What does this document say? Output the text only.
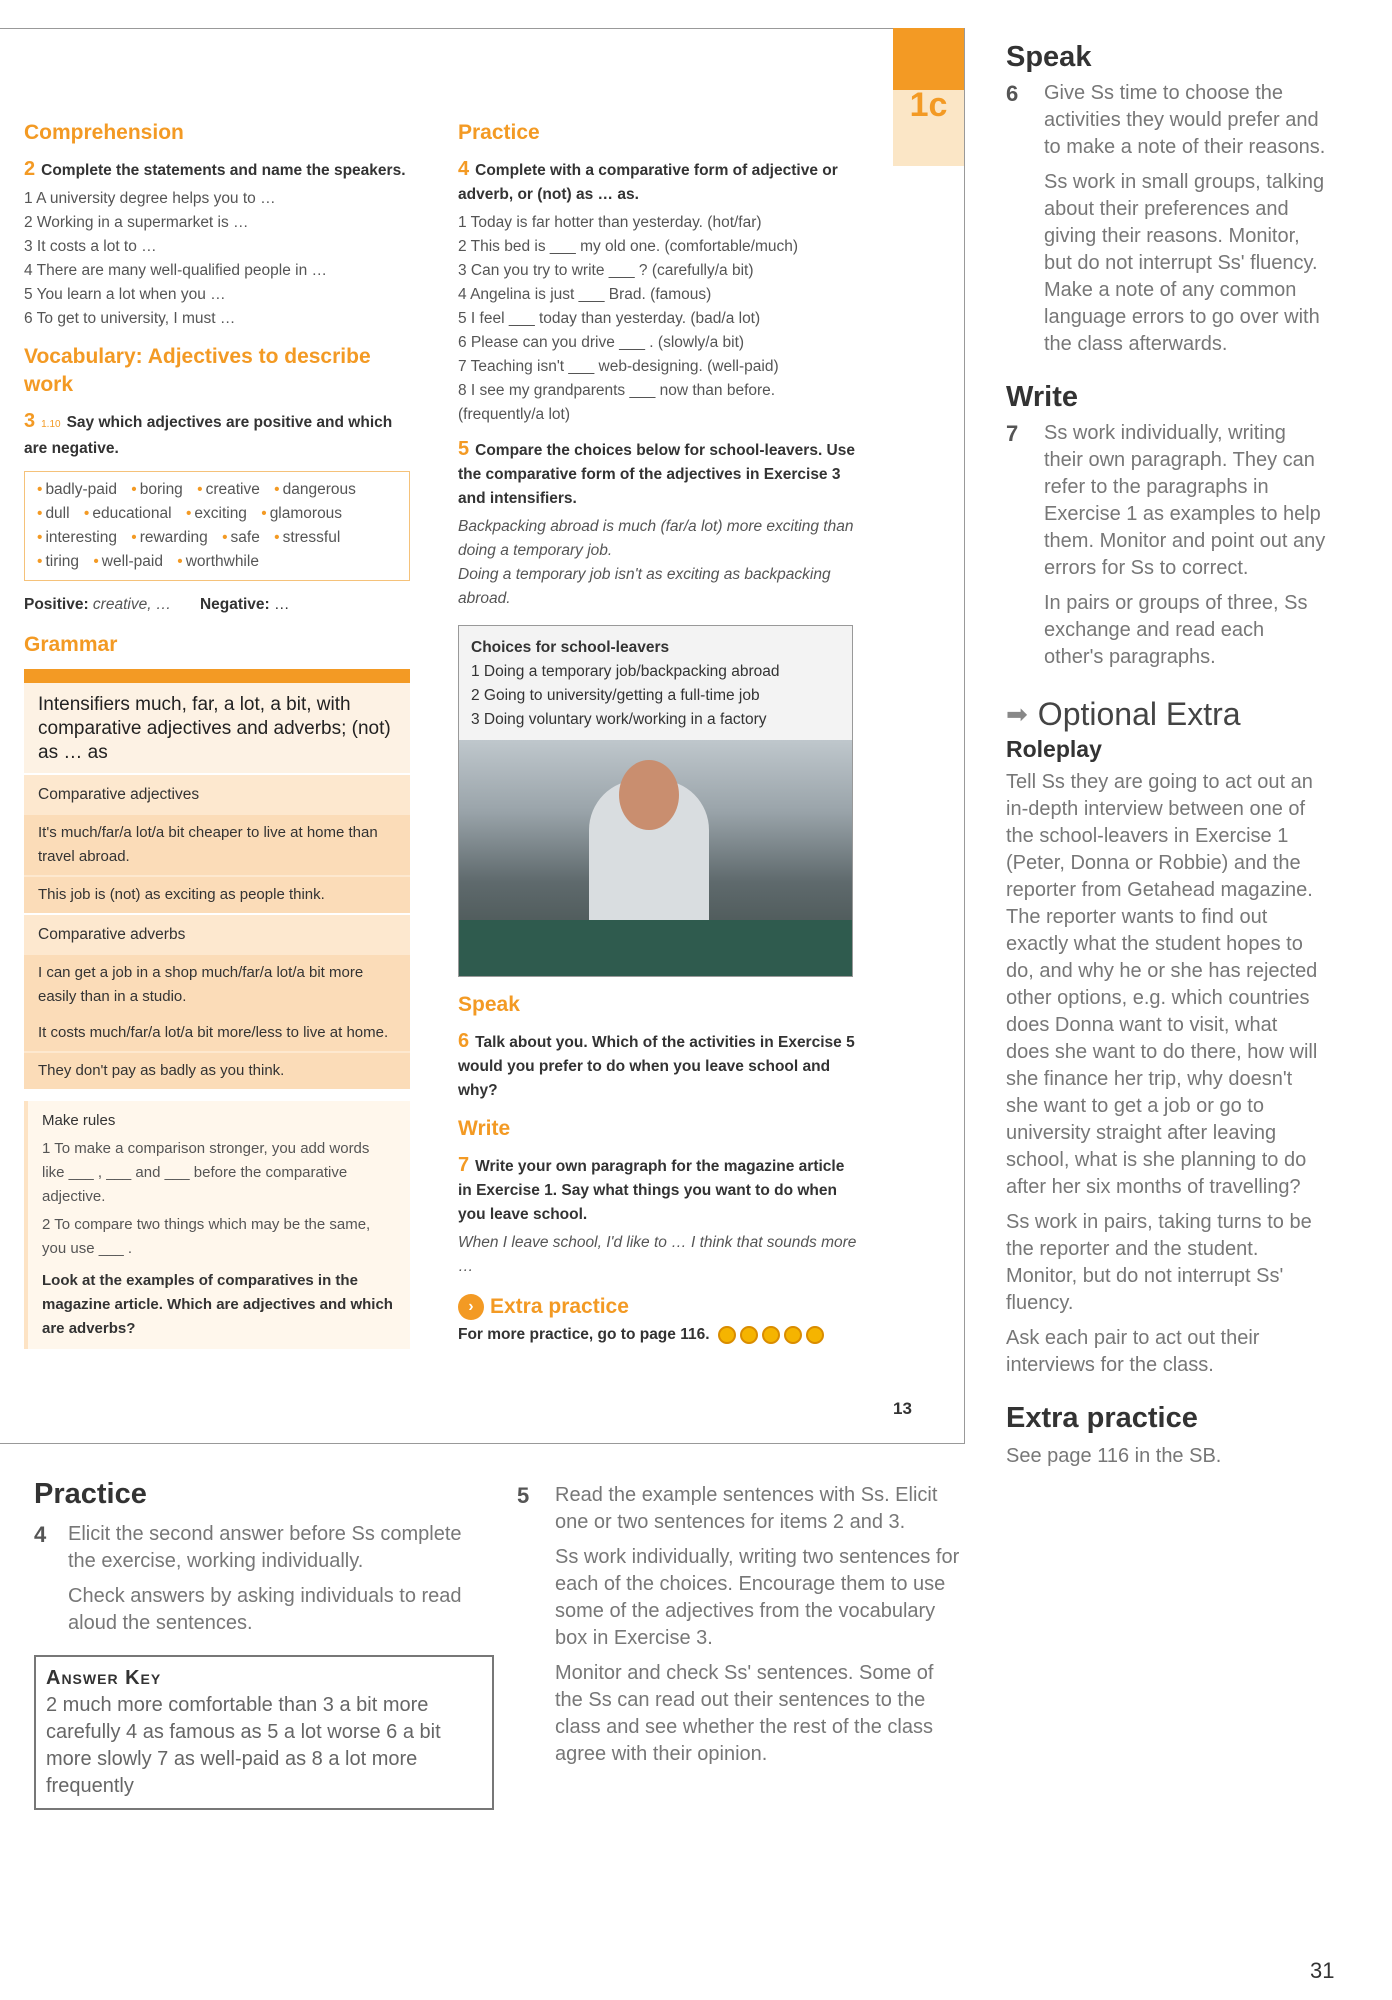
Comprehension
2 Complete the statements and name the speakers.
1 A university degree helps you to …
2 Working in a supermarket is …
3 It costs a lot to …
4 There are many well-qualified people in …
5 You learn a lot when you …
6 To get to university, I must …
Vocabulary: Adjectives to describe work
3 1.10 Say which adjectives are positive and which are negative.
• badly-paid • boring • creative • dangerous • dull • educational • exciting • glamorous • interesting • rewarding • safe • stressful • tiring • well-paid • worthwhile
Positive: creative, … Negative: …
Grammar
Intensifiers much, far, a lot, a bit, with comparative adjectives and adverbs; (not) as … as
Comparative adjectives
It's much/far/a lot/a bit cheaper to live at home than travel abroad.
This job is (not) as exciting as people think.
Comparative adverbs
I can get a job in a shop much/far/a lot/a bit more easily than in a studio.
It costs much/far/a lot/a bit more/less to live at home.
They don't pay as badly as you think.
Make rules
1 To make a comparison stronger, you add words like ___ , ___ and ___ before the comparative adjective.
2 To compare two things which may be the same, you use ___ .
Look at the examples of comparatives in the magazine article. Which are adjectives and which are adverbs?
Practice
4 Complete with a comparative form of adjective or adverb, or (not) as … as.
1 Today is far hotter than yesterday. (hot/far)
2 This bed is ___ my old one. (comfortable/much)
3 Can you try to write ___ ? (carefully/a bit)
4 Angelina is just ___ Brad. (famous)
5 I feel ___ today than yesterday. (bad/a lot)
6 Please can you drive ___ . (slowly/a bit)
7 Teaching isn't ___ web-designing. (well-paid)
8 I see my grandparents ___ now than before. (frequently/a lot)
5 Compare the choices below for school-leavers. Use the comparative form of the adjectives in Exercise 3 and intensifiers.
Backpacking abroad is much (far/a lot) more exciting than doing a temporary job.
Doing a temporary job isn't as exciting as backpacking abroad.
Choices for school-leavers
1 Doing a temporary job/backpacking abroad
2 Going to university/getting a full-time job
3 Doing voluntary work/working in a factory
Speak
6 Talk about you. Which of the activities in Exercise 5 would you prefer to do when you leave school and why?
Write
7 Write your own paragraph for the magazine article in Exercise 1. Say what things you want to do when you leave school.
When I leave school, I'd like to … I think that sounds more …
› Extra practice
For more practice, go to page 116.
13
1c
Speak
6 Give Ss time to choose the activities they would prefer and to make a note of their reasons.

Ss work in small groups, talking about their preferences and giving their reasons. Monitor, but do not interrupt Ss' fluency. Make a note of any common language errors to go over with the class afterwards.

Write
7 Ss work individually, writing their own paragraph. They can refer to the paragraphs in Exercise 1 as examples to help them. Monitor and point out any errors for Ss to correct.

In pairs or groups of three, Ss exchange and read each other's paragraphs.

➡ Optional Extra
Roleplay

Tell Ss they are going to act out an in-depth interview between one of the school-leavers in Exercise 1 (Peter, Donna or Robbie) and the reporter from Getahead magazine. The reporter wants to find out exactly what the student hopes to do, and why he or she has rejected other options, e.g. which countries does Donna want to visit, what does she want to do there, how will she finance her trip, why doesn't she want to get a job or go to university straight after leaving school, what is she planning to do after her six months of travelling?

Ss work in pairs, taking turns to be the reporter and the student. Monitor, but do not interrupt Ss' fluency.

Ask each pair to act out their interviews for the class.

Extra practice

See page 116 in the SB.

Practice
4 Elicit the second answer before Ss complete the exercise, working individually.

Check answers by asking individuals to read aloud the sentences.

Answer Key
2 much more comfortable than 3 a bit more carefully 4 as famous as 5 a lot worse 6 a bit more slowly 7 as well-paid as 8 a lot more frequently
5 Read the example sentences with Ss. Elicit one or two sentences for items 2 and 3.

Ss work individually, writing two sentences for each of the choices. Encourage them to use some of the adjectives from the vocabulary box in Exercise 3.

Monitor and check Ss' sentences. Some of the Ss can read out their sentences to the class and see whether the rest of the class agree with their opinion.

31
